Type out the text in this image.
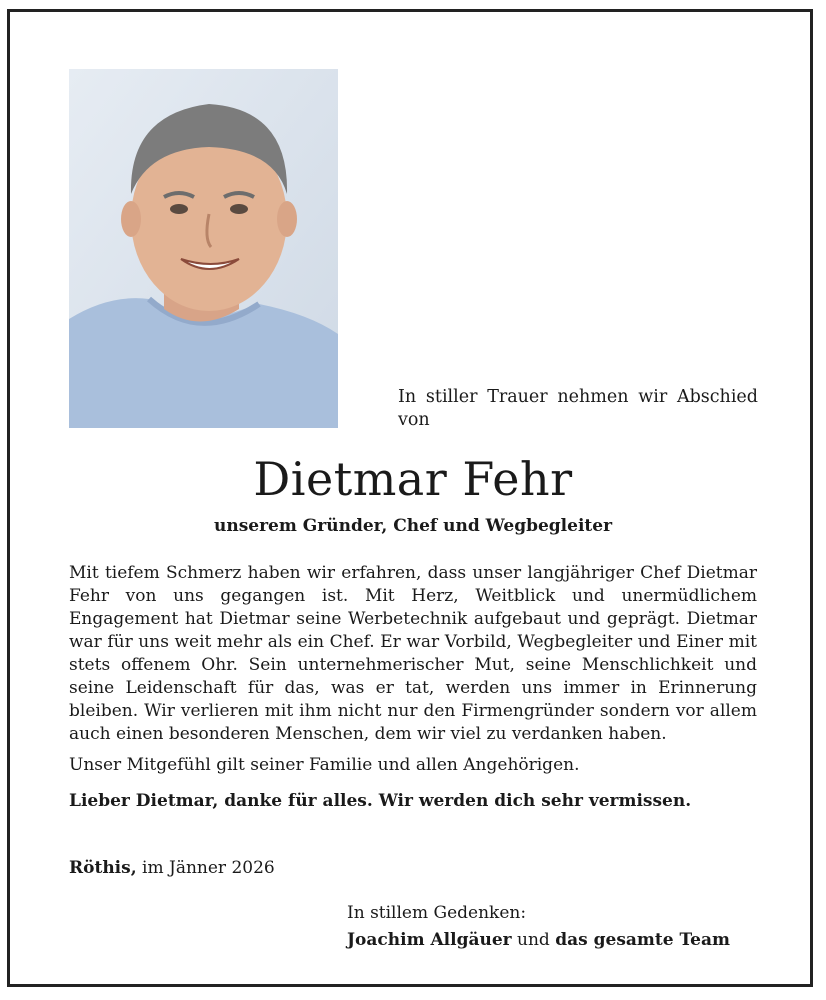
In stiller Trauer nehmen wir Abschied von
Dietmar Fehr
unserem Gründer, Chef und Wegbegleiter
Mit tiefem Schmerz haben wir erfahren, dass unser langjähriger Chef Dietmar Fehr von uns gegangen ist. Mit Herz, Weitblick und unermüdlichem Engagement hat Dietmar seine Werbetechnik aufgebaut und geprägt. Dietmar war für uns weit mehr als ein Chef. Er war Vorbild, Wegbegleiter und Einer mit stets offenem Ohr. Sein unternehmerischer Mut, seine Menschlichkeit und seine Leidenschaft für das, was er tat, werden uns immer in Erinnerung bleiben. Wir verlieren mit ihm nicht nur den Firmengründer sondern vor allem auch einen besonderen Menschen, dem wir viel zu verdanken haben.
Unser Mitgefühl gilt seiner Familie und allen Angehörigen.
Lieber Dietmar, danke für alles. Wir werden dich sehr vermissen.
Röthis, im Jänner 2026
In stillem Gedenken:
Joachim Allgäuer und das gesamte Team
